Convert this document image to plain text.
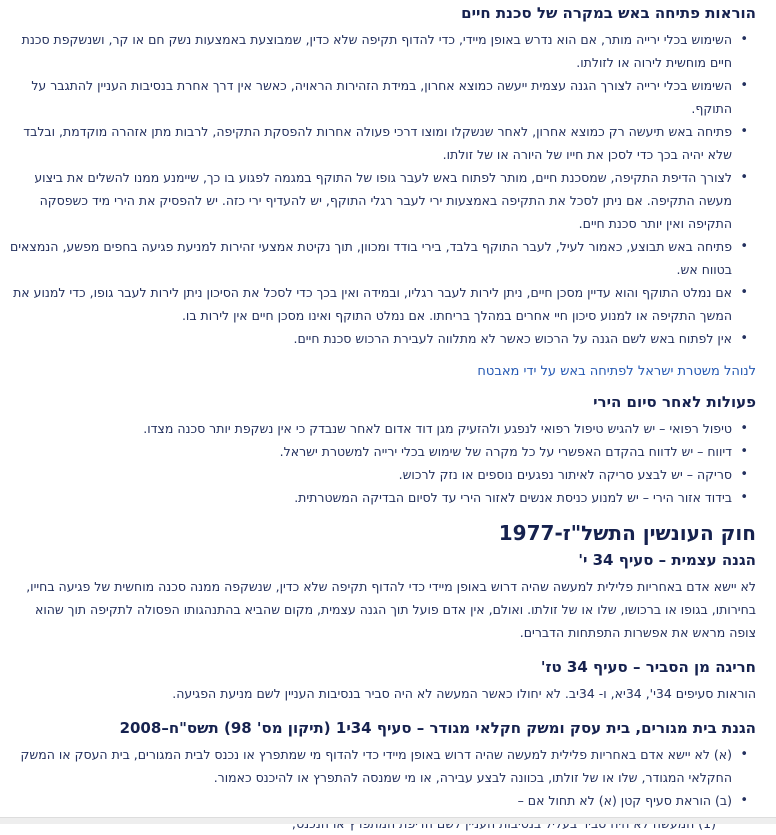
הוראות פתיחה באש במקרה של סכנת חיים
• השימוש בכלי ירייה מותר, אם הוא נדרש באופן מיידי, כדי להדוף תקיפה שלא כדין, שמבוצעת באמצעות נשק חם או קר, ושנשקפת סכנת חיים מוחשית לירוה או לזולתו.
• השימוש בכלי ירייה לצורך הגנה עצמית ייעשה כמוצא אחרון, במידת הזהירות הראויה, כאשר אין דרך אחרת בנסיבות העניין להתגבר על התוקף.
• פתיחה באש תיעשה רק כמוצא אחרון, לאחר שנשקלו ומוצו דרכי פעולה אחרות להפסקת התקיפה, לרבות מתן אזהרה מוקדמת, ובלבד שלא יהיה בכך כדי לסכן את חייו של היורה או של זולתו.
• לצורך הדיפת התקיפה, שמסכנת חיים, מותר לפתוח באש לעבר גופו של התוקף במגמה לפגוע בו כך, שיימנע ממנו להשלים את ביצוע מעשה התקיפה. אם ניתן לסכל את התקיפה באמצעות ירי לעבר רגלי התוקף, יש להעדיף ירי כזה. יש להפסיק את הירי מיד כשפסקה התקיפה ואין יותר סכנת חיים.
• פתיחה באש תבוצע, כאמור לעיל, לעבר התוקף בלבד, בירי בודד ומכוון, תוך נקיטת אמצעי זהירות למניעת פגיעה בחפים מפשע, הנמצאים בטווח אש.
• אם נמלט התוקף והוא עדיין מסכן חיים, ניתן לירות לעבר רגליו, ובמידה ואין בכך כדי לסכל את הסיכון ניתן לירות לעבר גופו, כדי למנוע את המשך התקיפה או למנוע סיכון חיי אחרים במהלך בריחתו. אם נמלט התוקף ואינו מסכן חיים אין לירות בו.
• אין לפתוח באש לשם הגנה על הרכוש כאשר לא מתלווה לעבירת הרכוש סכנת חיים.
לנוהל משטרת ישראל לפתיחה באש על ידי מאבטח
פעולות לאחר סיום הירי
• טיפול רפואי – יש להגיש טיפול רפואי לנפגע ולהזעיק מגן דוד אדום לאחר שנבדק כי אין נשקפת יותר סכנה מצדו.
• דיווח – יש לדווח בהקדם האפשרי על כל מקרה של שימוש בכלי ירייה למשטרת ישראל.
• סריקה – יש לבצע סריקה לאיתור נפגעים נוספים או נזק לרכוש.
• בידוד אזור הירי – יש למנוע כניסת אנשים לאזור הירי עד לסיום הבדיקה המשטרתית.
חוק העונשין התשל"ז-1977
הגנה עצמית – סעיף 34 י'

לא יישא אדם באחריות פלילית למעשה שהיה דרוש באופן מיידי כדי להדוף תקיפה שלא כדין, שנשקפה ממנה סכנה מוחשית של פגיעה בחייו, בחירותו, בגופו או ברכושו, שלו או של זולתו. ואולם, אין אדם פועל תוך הגנה עצמית, מקום שהביא בהתנהגותו הפסולה לתקיפה תוך שהוא צופה מראש את אפשרות התפתחות הדברים.

חריגה מן הסביר – סעיף 34 טז'

הוראות סעיפים 34י', 34יא, ו- 34יב. לא יחולו כאשר המעשה לא היה סביר בנסיבות העניין לשם מניעת הפגיעה.

הגנת בית מגורים, בית עסק ומשק חקלאי מגודר – סעיף 34י1 (תיקון מס' 98) תשס"ח–2008
• (א) לא יישא אדם באחריות פלילית למעשה שהיה דרוש באופן מיידי כדי להדוף מי שמתפרץ או נכנס לבית המגורים, בית העסק או המשק החקלאי המגודר, שלו או של זולתו, בכוונה לבצע עבירה, או מי שמנסה להתפרץ או להיכנס כאמור.
• (ב) הוראת סעיף קטן (א) לא תחול אם –
•
